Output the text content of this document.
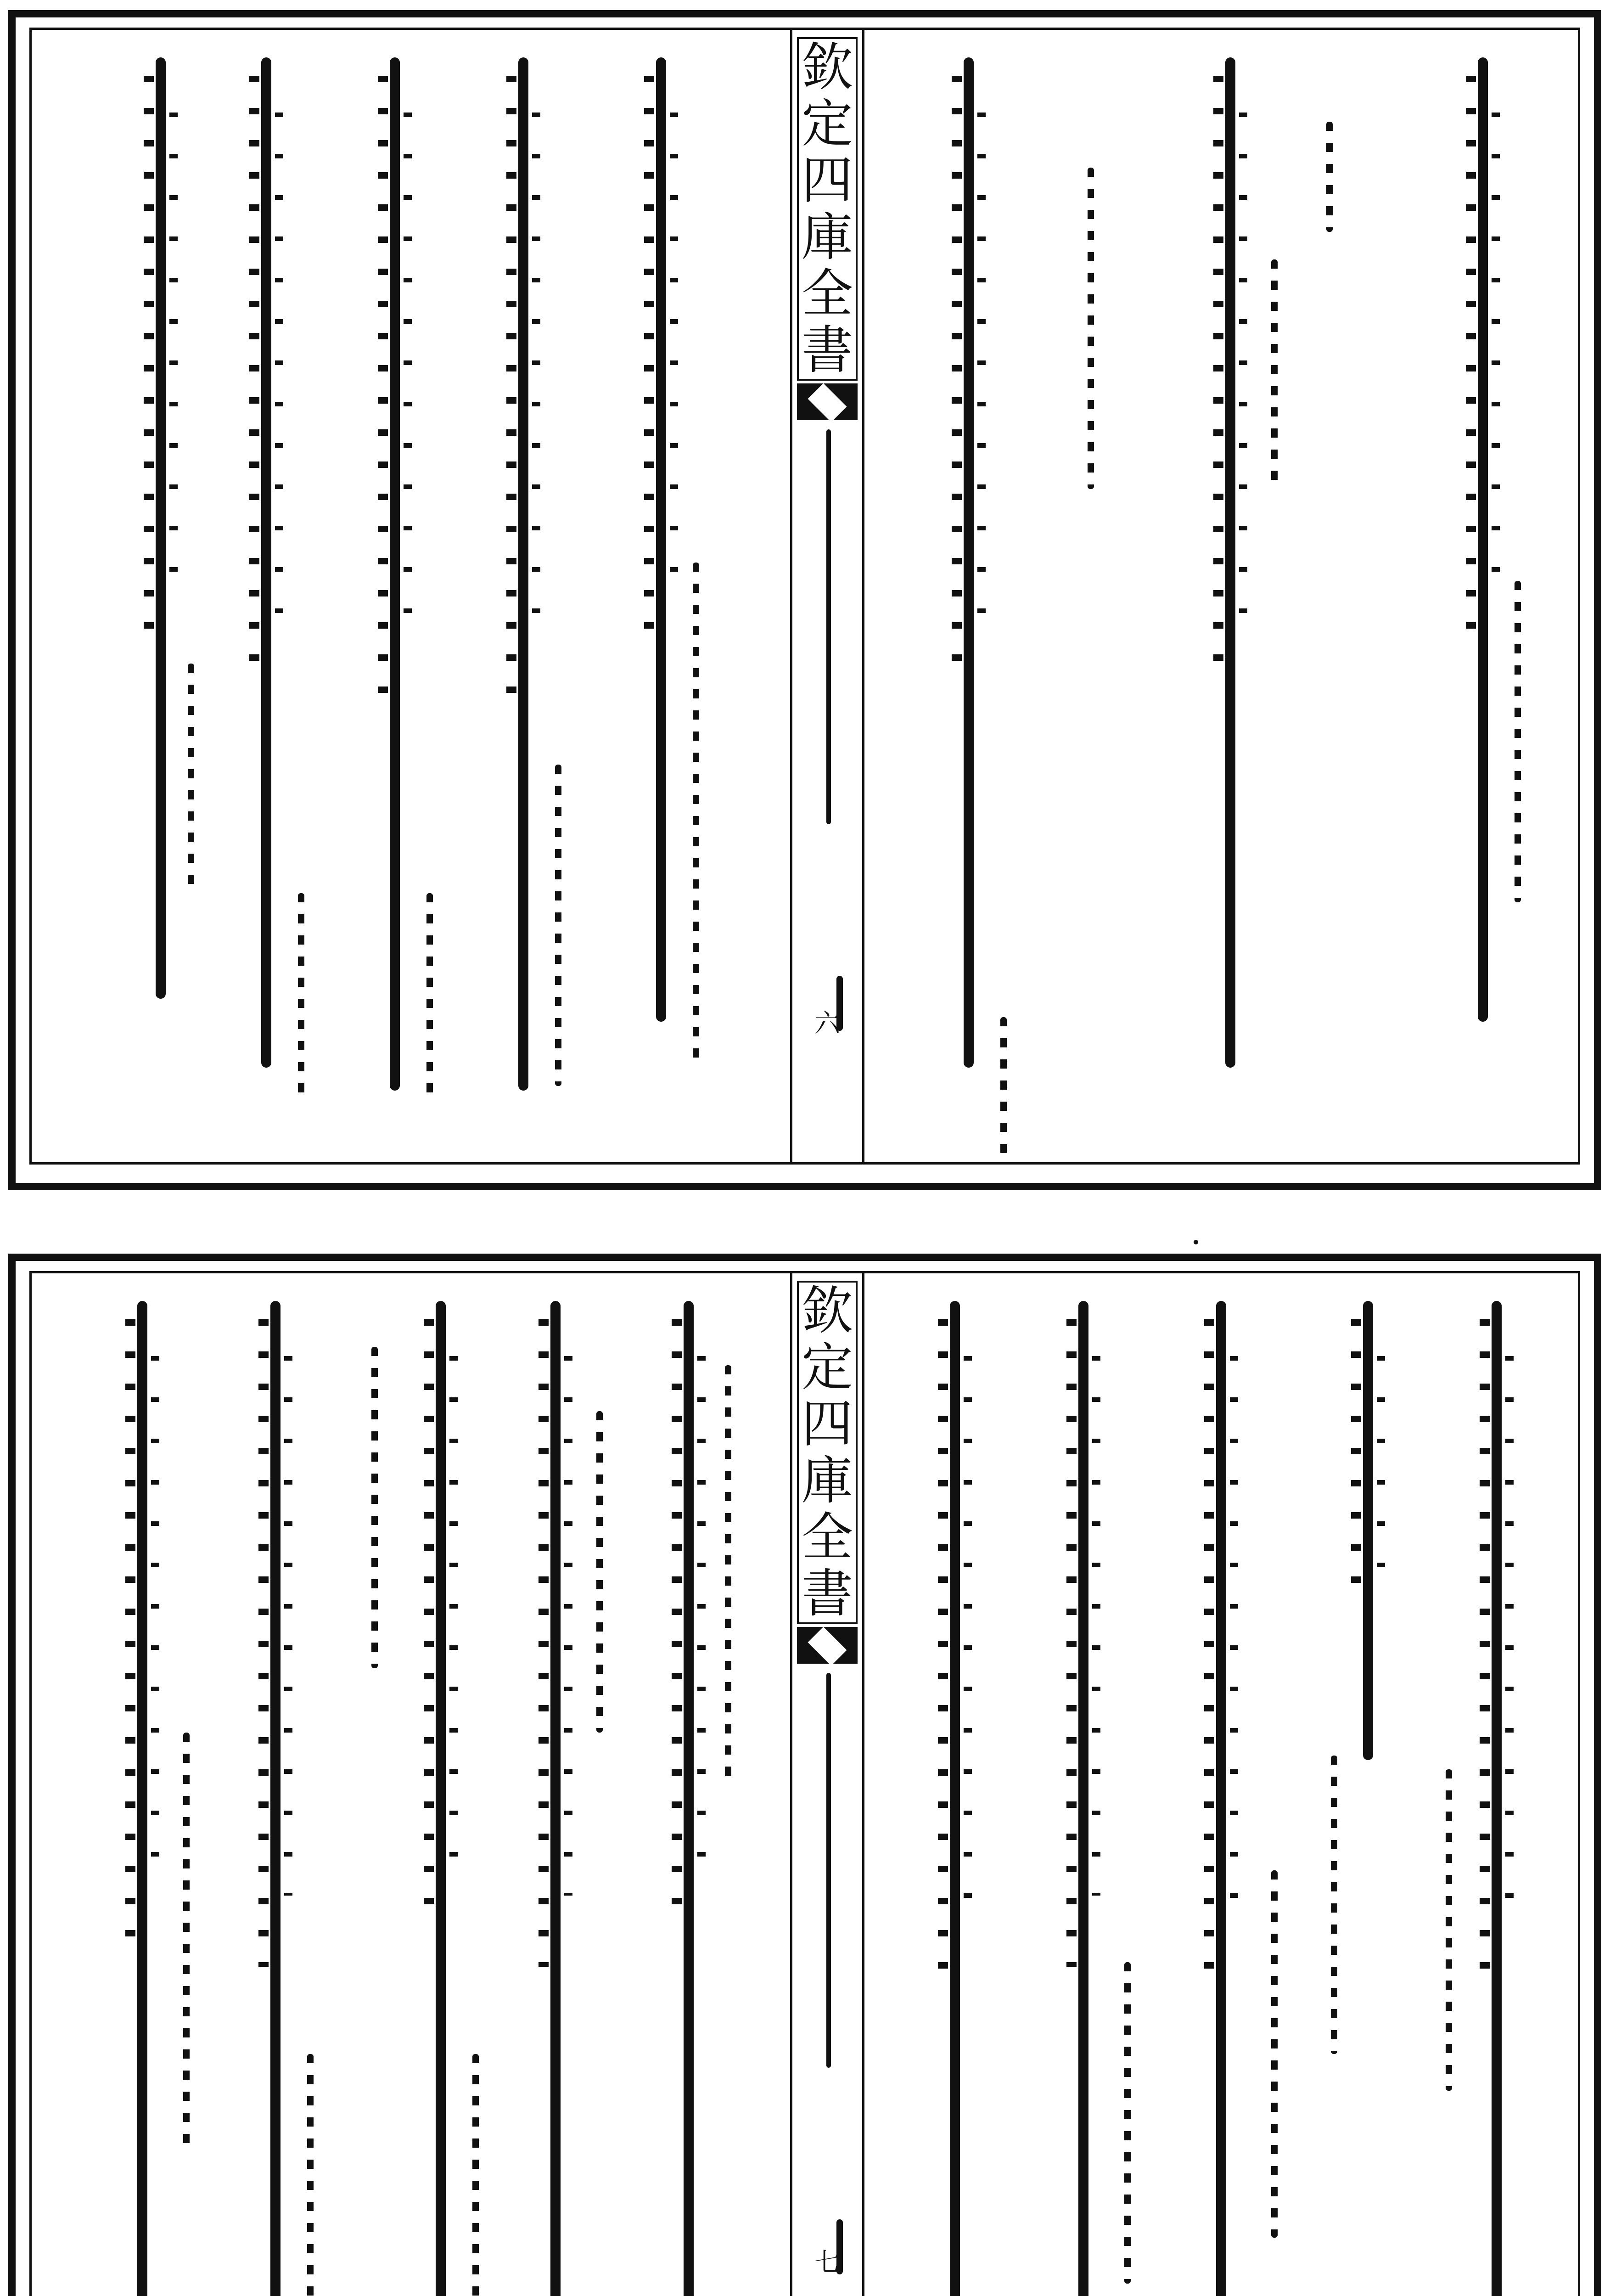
欽
定
四
庫
全
書
六
欽
定
四
庫
全
書
七
